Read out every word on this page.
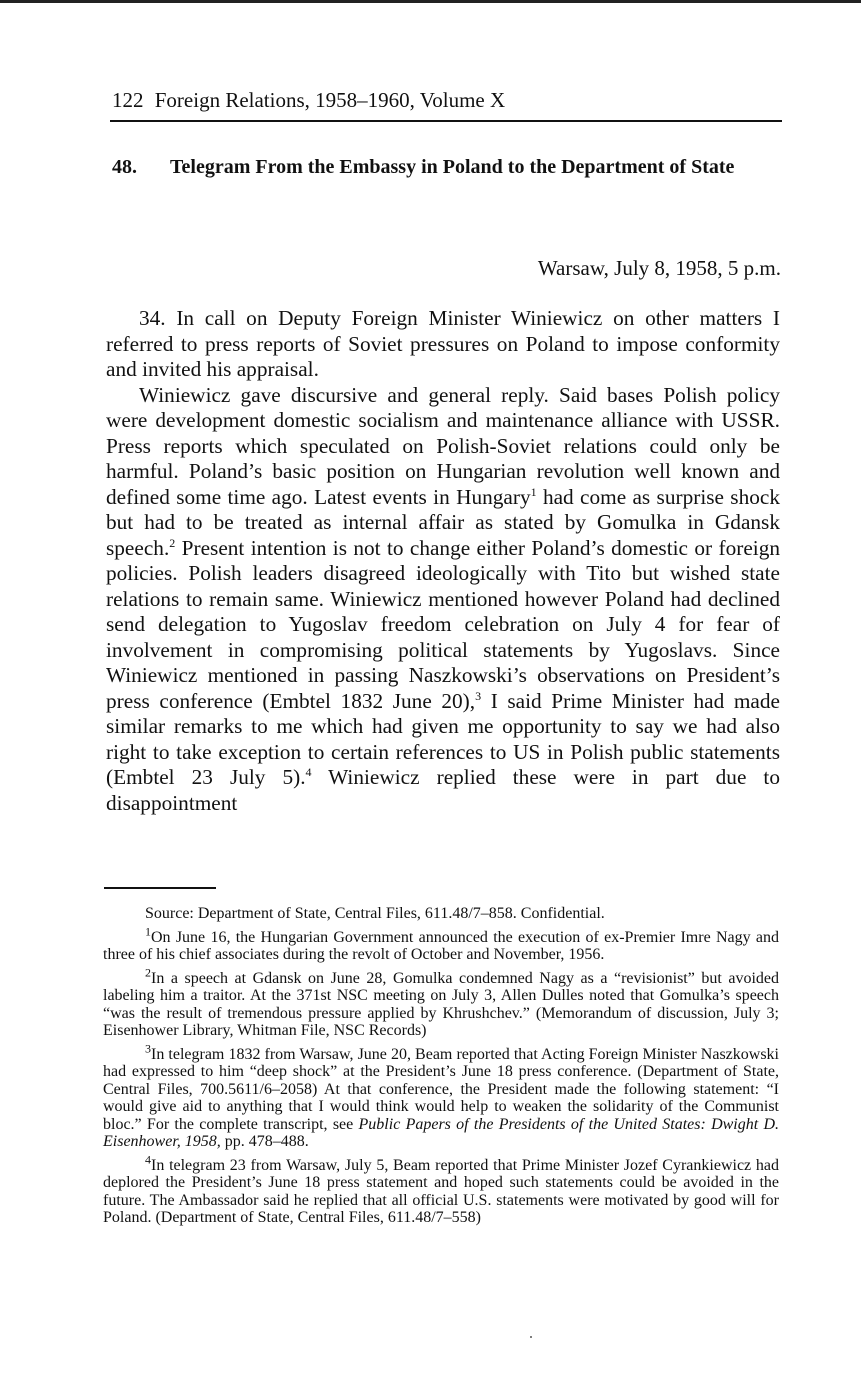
122 Foreign Relations, 1958–1960, Volume X
48. Telegram From the Embassy in Poland to the Department of State
Warsaw, July 8, 1958, 5 p.m.

34. In call on Deputy Foreign Minister Winiewicz on other matters I referred to press reports of Soviet pressures on Poland to impose conformity and invited his appraisal.

Winiewicz gave discursive and general reply. Said bases Polish policy were development domestic socialism and maintenance alliance with USSR. Press reports which speculated on Polish-Soviet relations could only be harmful. Poland’s basic position on Hungarian revolution well known and defined some time ago. Latest events in Hungary$^1$ had come as surprise shock but had to be treated as internal affair as stated by Gomulka in Gdansk speech.$^2$ Present intention is not to change either Poland’s domestic or foreign policies. Polish leaders disagreed ideologically with Tito but wished state relations to remain same. Winiewicz mentioned however Poland had declined send delegation to Yugoslav freedom celebration on July 4 for fear of involvement in compromising political statements by Yugoslavs. Since Winiewicz mentioned in passing Naszkowski’s observations on President’s press conference (Embtel 1832 June 20),$^3$ I said Prime Minister had made similar remarks to me which had given me opportunity to say we had also right to take exception to certain references to US in Polish public statements (Embtel 23 July 5).$^4$ Winiewicz replied these were in part due to disappointment

Source: Department of State, Central Files, 611.48/7–858. Confidential.

$^1$On June 16, the Hungarian Government announced the execution of ex-Premier Imre Nagy and three of his chief associates during the revolt of October and November, 1956.

$^2$In a speech at Gdansk on June 28, Gomulka condemned Nagy as a “revisionist” but avoided labeling him a traitor. At the 371st NSC meeting on July 3, Allen Dulles noted that Gomulka’s speech “was the result of tremendous pressure applied by Khrushchev.” (Memorandum of discussion, July 3; Eisenhower Library, Whitman File, NSC Records)

$^3$In telegram 1832 from Warsaw, June 20, Beam reported that Acting Foreign Minister Naszkowski had expressed to him “deep shock” at the President’s June 18 press conference. (Department of State, Central Files, 700.5611/6–2058) At that conference, the President made the following statement: “I would give aid to anything that I would think would help to weaken the solidarity of the Communist bloc.” For the complete transcript, see Public Papers of the Presidents of the United States: Dwight D. Eisenhower, 1958, pp. 478–488.

$^4$In telegram 23 from Warsaw, July 5, Beam reported that Prime Minister Jozef Cyrankiewicz had deplored the President’s June 18 press statement and hoped such statements could be avoided in the future. The Ambassador said he replied that all official U.S. statements were motivated by good will for Poland. (Department of State, Central Files, 611.48/7–558)
